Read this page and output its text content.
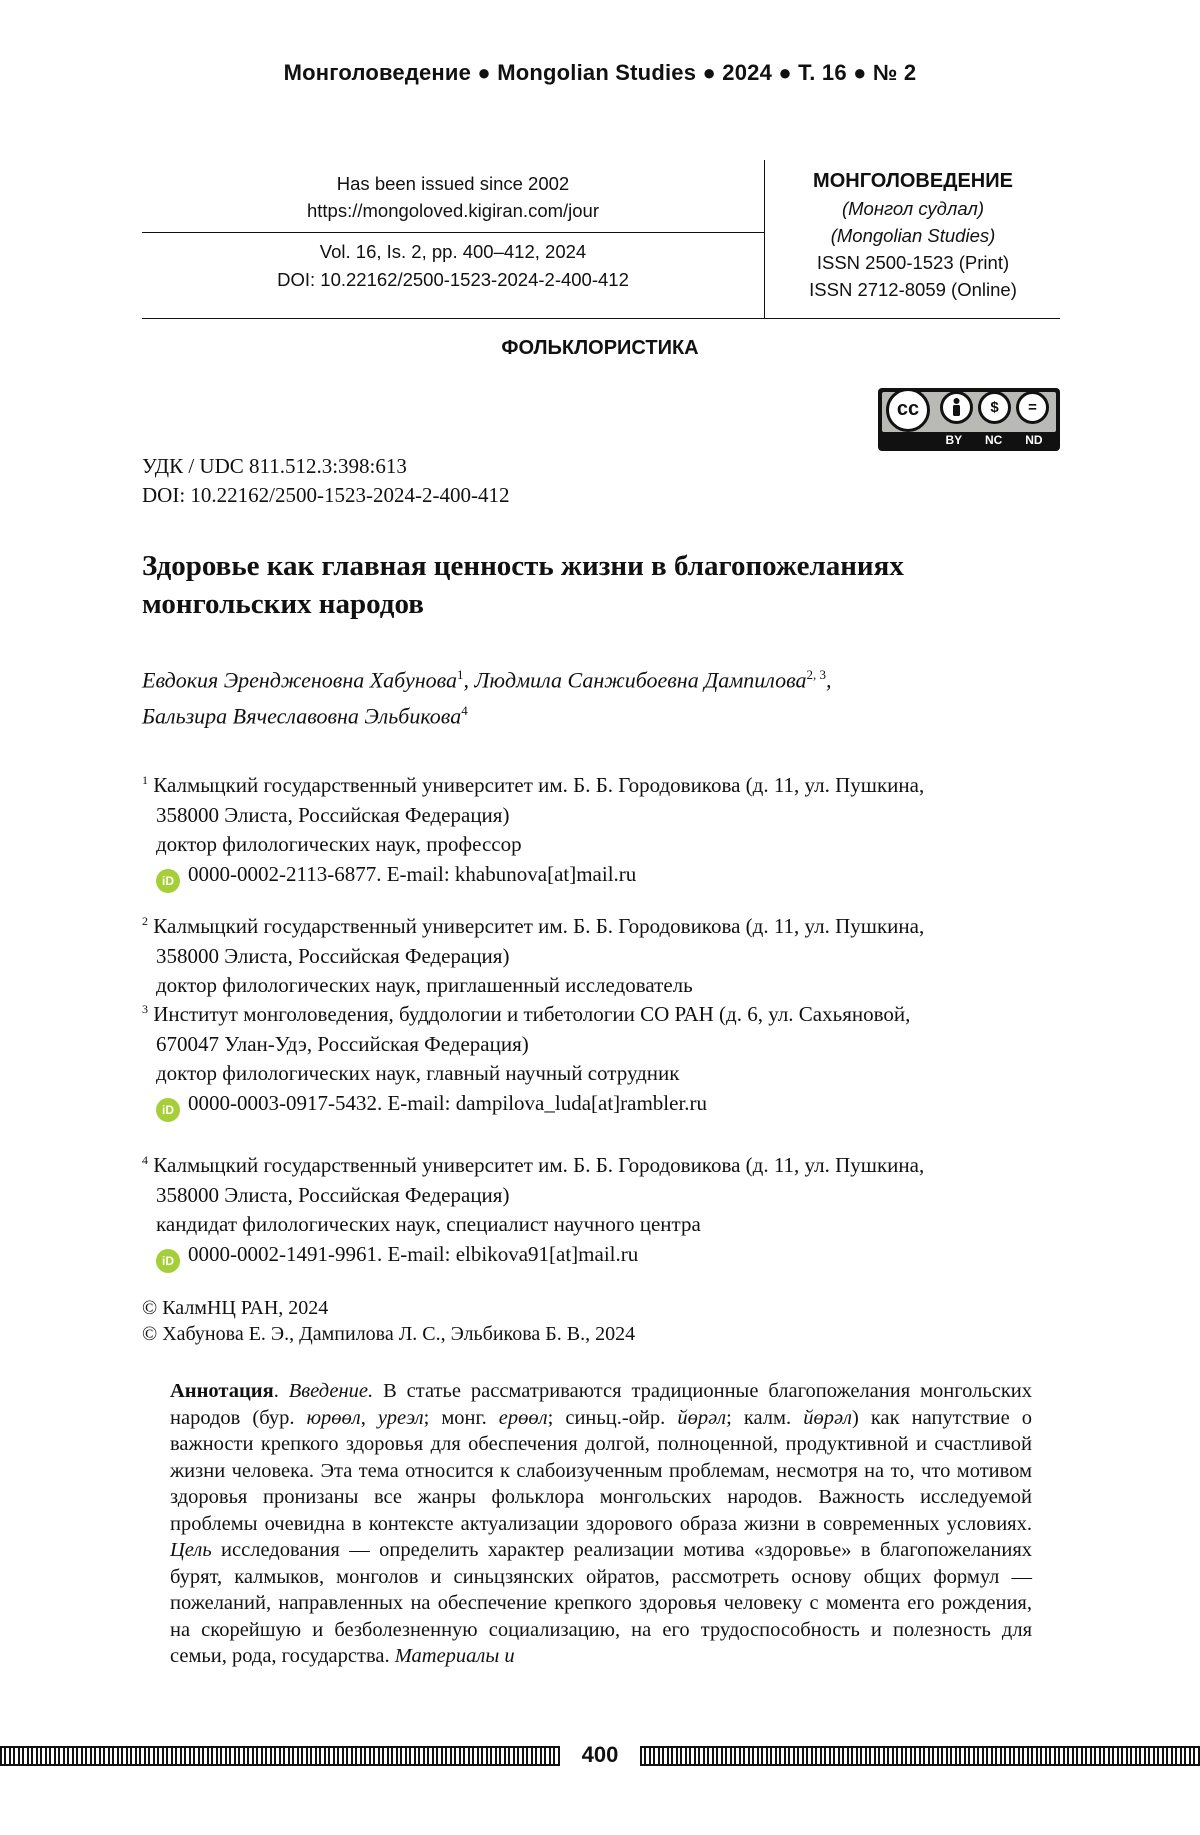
Монголоведение ● Mongolian Studies ● 2024 ● Т. 16 ● № 2
Has been issued since 2002
https://mongoloved.kigiran.com/jour
Vol. 16, Is. 2, pp. 400–412, 2024
DOI: 10.22162/2500-1523-2024-2-400-412
МОНГОЛОВЕДЕНИЕ
(Монгол судлал)
(Mongolian Studies)
ISSN 2500-1523 (Print)
ISSN 2712-8059 (Online)
ФОЛЬКЛОРИСТИКА
cc	$	=
BY NC ND
УДК / UDC 811.512.3:398:613
DOI: 10.22162/2500-1523-2024-2-400-412
Здоровье как главная ценность жизни в благопожеланиях
монгольских народов
Евдокия Эрендженовна Хабунова$^1$, Людмила Санжибоевна Дампилова$^{2, 3}$,
Бальзира Вячеславовна Эльбикова$^4$
$^1$ Калмыцкий государственный университет им. Б. Б. Городовикова (д. 11, ул. Пушкина,
358000 Элиста, Российская Федерация)
доктор филологических наук, профессор
iD 0000-0002-2113-6877. E-mail: khabunova[at]mail.ru
$^2$ Калмыцкий государственный университет им. Б. Б. Городовикова (д. 11, ул. Пушкина,
358000 Элиста, Российская Федерация)
доктор филологических наук, приглашенный исследователь
$^3$ Институт монголоведения, буддологии и тибетологии СО РАН (д. 6, ул. Сахьяновой,
670047 Улан-Удэ, Российская Федерация)
доктор филологических наук, главный научный сотрудник
iD 0000-0003-0917-5432. E-mail: dampilova_luda[at]rambler.ru
$^4$ Калмыцкий государственный университет им. Б. Б. Городовикова (д. 11, ул. Пушкина,
358000 Элиста, Российская Федерация)
кандидат филологических наук, специалист научного центра
iD 0000-0002-1491-9961. E-mail: elbikova91[at]mail.ru
© КалмНЦ РАН, 2024
© Хабунова Е. Э., Дампилова Л. С., Эльбикова Б. В., 2024
Аннотация. Введение. В статье рассматриваются традиционные благопожелания монгольских народов (бур. юрөөл, уреэл; монг. ерөөл; синьц.-ойр. йөрәл; калм. йөрәл) как напутствие о важности крепкого здоровья для обеспечения долгой, полноценной, продуктивной и счастливой жизни человека. Эта тема относится к слабоизученным проблемам, несмотря на то, что мотивом здоровья пронизаны все жанры фольклора монгольских народов. Важность исследуемой проблемы очевидна в контексте актуализации здорового образа жизни в современных условиях. Цель исследования — определить характер реализации мотива «здоровье» в благопожеланиях бурят, калмыков, монголов и синьцзянских ойратов, рассмотреть основу общих формул — пожеланий, направленных на обеспечение крепкого здоровья человеку с момента его рождения, на скорейшую и безболезненную социализацию, на его трудоспособность и полезность для семьи, рода, государства. Материалы и
400
